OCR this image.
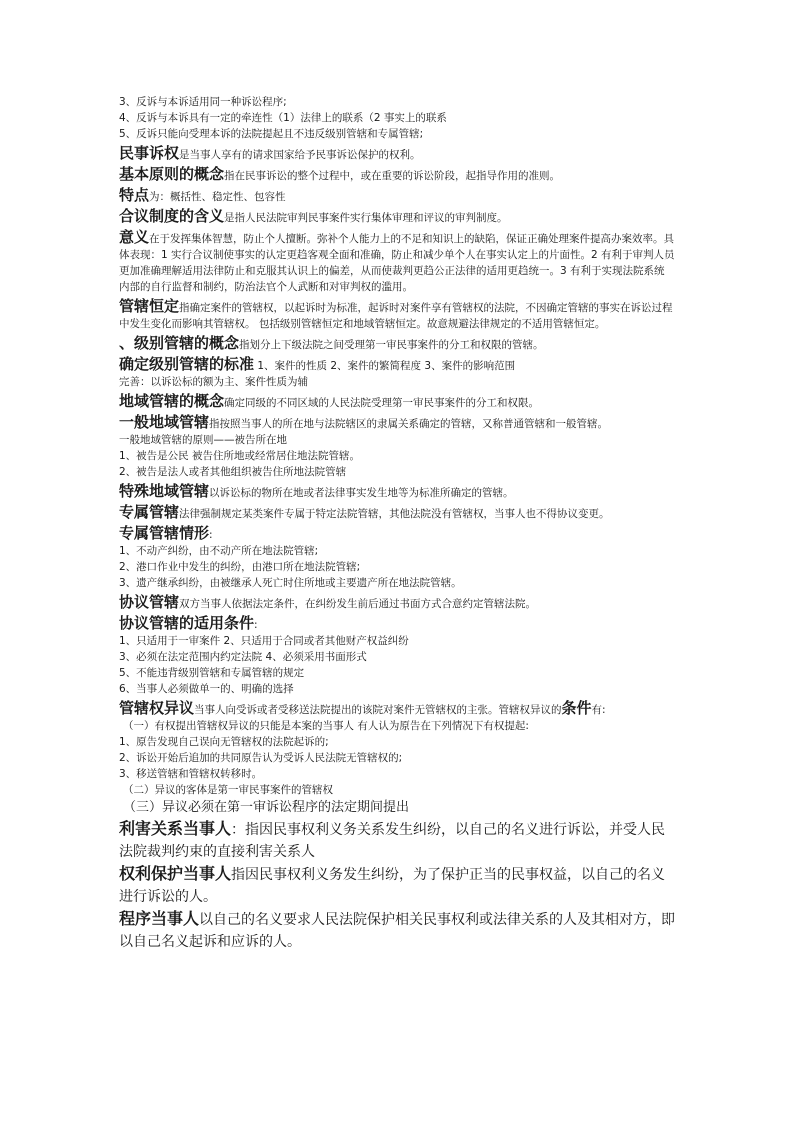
3、反诉与本诉适用同一种诉讼程序;
4、反诉与本诉具有一定的牵连性（1）法律上的联系（2 事实上的联系
5、反诉只能向受理本诉的法院提起且不违反级别管辖和专属管辖;

民事诉权是当事人享有的请求国家给予民事诉讼保护的权利。

基本原则的概念指在民事诉讼的整个过程中，或在重要的诉讼阶段，起指导作用的准则。

特点为：概括性、稳定性、包容性

合议制度的含义是指人民法院审判民事案件实行集体审理和评议的审判制度。

意义在于发挥集体智慧，防止个人擅断。弥补个人能力上的不足和知识上的缺陷，保证正确处理案件提高办案效率。具体表现：1 实行合议制使事实的认定更趋客观全面和准确，防止和减少单个人在事实认定上的片面性。2 有利于审判人员更加准确理解适用法律防止和克服其认识上的偏差，从而使裁判更趋公正法律的适用更趋统一。3 有利于实现法院系统内部的自行监督和制约，防治法官个人武断和对审判权的滥用。

管辖恒定指确定案件的管辖权，以起诉时为标准，起诉时对案件享有管辖权的法院，不因确定管辖的事实在诉讼过程中发生变化而影响其管辖权。 包括级别管辖恒定和地域管辖恒定。故意规避法律规定的不适用管辖恒定。

、级别管辖的概念指划分上下级法院之间受理第一审民事案件的分工和权限的管辖。

确定级别管辖的标准 1、案件的性质 2、案件的繁简程度 3、案件的影响范围

完善：以诉讼标的额为主、案件性质为辅

地域管辖的概念确定同级的不同区域的人民法院受理第一审民事案件的分工和权限。

一般地域管辖指按照当事人的所在地与法院辖区的隶属关系确定的管辖，又称普通管辖和一般管辖。

一般地域管辖的原则——被告所在地
1、被告是公民 被告住所地或经常居住地法院管辖。
2、被告是法人或者其他组织被告住所地法院管辖

特殊地域管辖以诉讼标的物所在地或者法律事实发生地等为标准所确定的管辖。

专属管辖法律强制规定某类案件专属于特定法院管辖，其他法院没有管辖权，当事人也不得协议变更。

专属管辖情形:

1、不动产纠纷，由不动产所在地法院管辖;
2、港口作业中发生的纠纷，由港口所在地法院管辖;
3、遗产继承纠纷，由被继承人死亡时住所地或主要遗产所在地法院管辖。

协议管辖双方当事人依据法定条件，在纠纷发生前后通过书面方式合意约定管辖法院。

协议管辖的适用条件:

1、只适用于一审案件 2、只适用于合同或者其他财产权益纠纷
3、必须在法定范围内约定法院 4、必须采用书面形式
5、不能违背级别管辖和专属管辖的规定
6、当事人必须做单一的、明确的选择

管辖权异议当事人向受诉或者受移送法院提出的该院对案件无管辖权的主张。管辖权异议的条件有:

（一）有权提出管辖权异议的只能是本案的当事人 有人认为原告在下列情况下有权提起:
1、原告发现自己误向无管辖权的法院起诉的;
2、诉讼开始后追加的共同原告认为受诉人民法院无管辖权的;
3、移送管辖和管辖权转移时。
（二）异议的客体是第一审民事案件的管辖权
（三）异议必须在第一审诉讼程序的法定期间提出

利害关系当事人：指因民事权利义务关系发生纠纷，以自己的名义进行诉讼，并受人民法院裁判约束的直接利害关系人

权利保护当事人指因民事权利义务发生纠纷，为了保护正当的民事权益，以自己的名义进行诉讼的人。

程序当事人以自己的名义要求人民法院保护相关民事权利或法律关系的人及其相对方，即以自己名义起诉和应诉的人。
